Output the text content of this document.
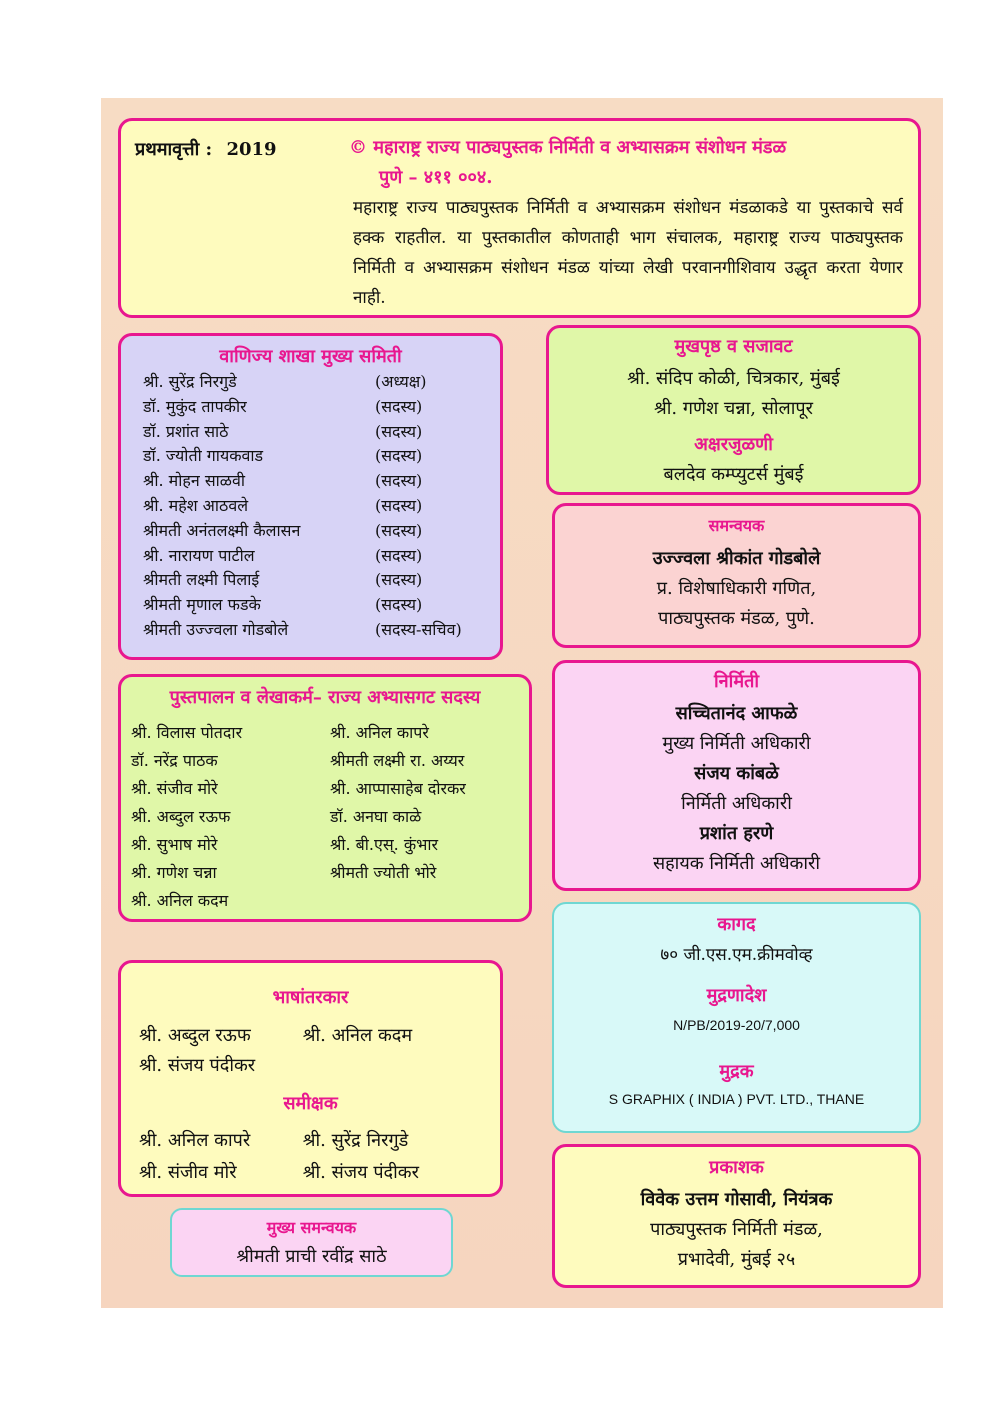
प्रथमावृत्ती : 2019	© महाराष्ट्र राज्य पाठ्यपुस्तक निर्मिती व अभ्यासक्रम संशोधन मंडळ
पुणे – ४११ ००४.
महाराष्ट्र राज्य पाठ्यपुस्तक निर्मिती व अभ्यासक्रम संशोधन मंडळाकडे या पुस्तकाचे सर्व हक्क राहतील. या पुस्तकातील कोणताही भाग संचालक, महाराष्ट्र राज्य पाठ्यपुस्तक निर्मिती व अभ्यासक्रम संशोधन मंडळ यांच्या लेखी परवानगीशिवाय उद्धृत करता येणार नाही.
वाणिज्य शाखा मुख्य समिती
श्री. सुरेंद्र निरगुडे	(अध्यक्ष)
डॉ. मुकुंद तापकीर	(सदस्य)
डॉ. प्रशांत साठे	(सदस्य)
डॉ. ज्योती गायकवाड	(सदस्य)
श्री. मोहन साळवी	(सदस्य)
श्री. महेश आठवले	(सदस्य)
श्रीमती अनंतलक्ष्मी कैलासन	(सदस्य)
श्री. नारायण पाटील	(सदस्य)
श्रीमती लक्ष्मी पिलाई	(सदस्य)
श्रीमती मृणाल फडके	(सदस्य)
श्रीमती उज्ज्वला गोडबोले	(सदस्य-सचिव)
पुस्तपालन व लेखाकर्म– राज्य अभ्यासगट सदस्य
श्री. विलास पोतदार	श्री. अनिल कापरे
डॉ. नरेंद्र पाठक	श्रीमती लक्ष्मी रा. अय्यर
श्री. संजीव मोरे	श्री. आप्पासाहेब दोरकर
श्री. अब्दुल रऊफ	डॉ. अनघा काळे
श्री. सुभाष मोरे	श्री. बी.एस्. कुंभार
श्री. गणेश चन्ना	श्रीमती ज्योती भोरे
श्री. अनिल कदम
भाषांतरकार
श्री. अब्दुल रऊफ	श्री. अनिल कदम
श्री. संजय पंदीकर
समीक्षक
श्री. अनिल कापरे	श्री. सुरेंद्र निरगुडे
श्री. संजीव मोरे	श्री. संजय पंदीकर
मुख्य समन्वयक
श्रीमती प्राची रवींद्र साठे
मुखपृष्ठ व सजावट
श्री. संदिप कोळी, चित्रकार, मुंबई
श्री. गणेश चन्ना, सोलापूर
अक्षरजुळणी
बलदेव कम्प्युटर्स मुंबई
समन्वयक
उज्ज्वला श्रीकांत गोडबोले
प्र. विशेषाधिकारी गणित,
पाठ्यपुस्तक मंडळ, पुणे.
निर्मिती
सच्चितानंद आफळे
मुख्य निर्मिती अधिकारी
संजय कांबळे
निर्मिती अधिकारी
प्रशांत हरणे
सहायक निर्मिती अधिकारी
कागद
७० जी.एस.एम.क्रीमवोव्ह
मुद्रणादेश
N/PB/2019-20/7,000
मुद्रक
S GRAPHIX ( INDIA ) PVT. LTD., THANE
प्रकाशक
विवेक उत्तम गोसावी, नियंत्रक
पाठ्यपुस्तक निर्मिती मंडळ,
प्रभादेवी, मुंबई २५
